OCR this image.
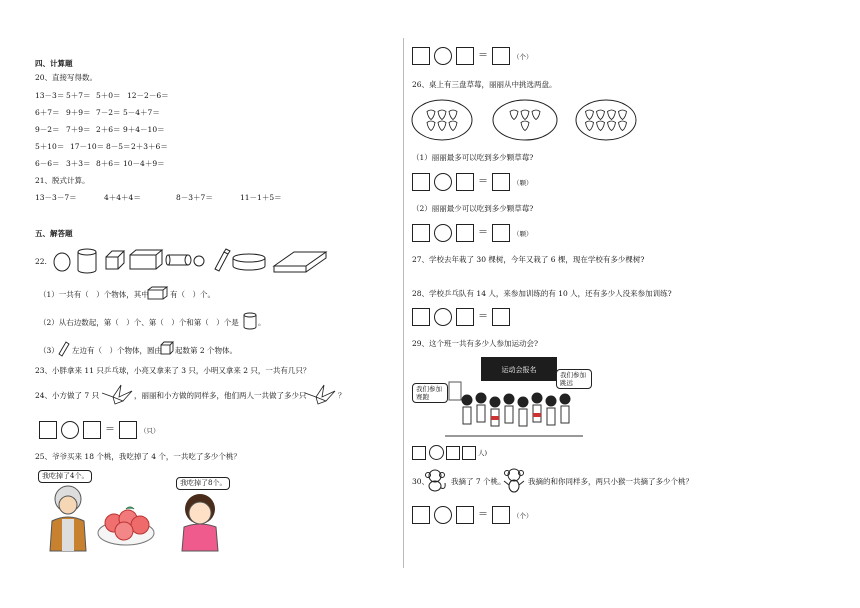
四、计算题
20、直接写得数。
13－3＝ 5＋7＝ 5＋0＝ 12－2－6＝
6＋7＝ 9＋9＝ 7－2＝ 5－4＋7＝
9－2＝ 7＋9＝ 2＋6＝ 9＋4－10＝
5＋10＝ 17－10＝ 8－5＝ 2＋3＋6＝
6－6＝ 3＋3＝ 8＋6＝ 10－4＋9＝
21、脱式计算。
13－3－7＝	4＋4＋4＝	8－3＋7＝	11－1＋5＝
五、解答题
22.
（1）一共有（　）个物体，其中	有（　）个。
（2）从右边数起，第（　）个、第（　）个和第（　）个是	。
（3） 左边有（　）个物体，圆由 起数第 2 个物体。
23、小胖拿来 11 只乒乓球，小亮又拿来了 3 只，小明又拿来 2 只，一共有几只？
24、小方做了 7 只	，丽丽和小方做的同样多，他们两人一共做了多少只	？
＝	（只）
25、爷爷买来 18 个桃，我吃掉了 4 个，一共吃了多少个桃？
我吃掉了4个。
我吃掉了8个。
＝	（个）
26、桌上有三盘草莓，丽丽从中挑选两盘。
（1）丽丽最多可以吃到多少颗草莓?
＝	（颗）
（2）丽丽最少可以吃到多少颗草莓?
＝	（颗）
27、学校去年栽了 30 棵树，今年又栽了 6 棵，现在学校有多少棵树?
28、学校乒乓队有 14 人，来参加训练的有 10 人，还有多少人没来参加训练?
＝
29、这个班一共有多少人参加运动会?
运动会报名
我们参加赛跑
我们参加跳远
人)
30、	我摘了 7 个桃。	我摘的和你同样多，两只小猴一共摘了多少个桃？
＝	（个）
